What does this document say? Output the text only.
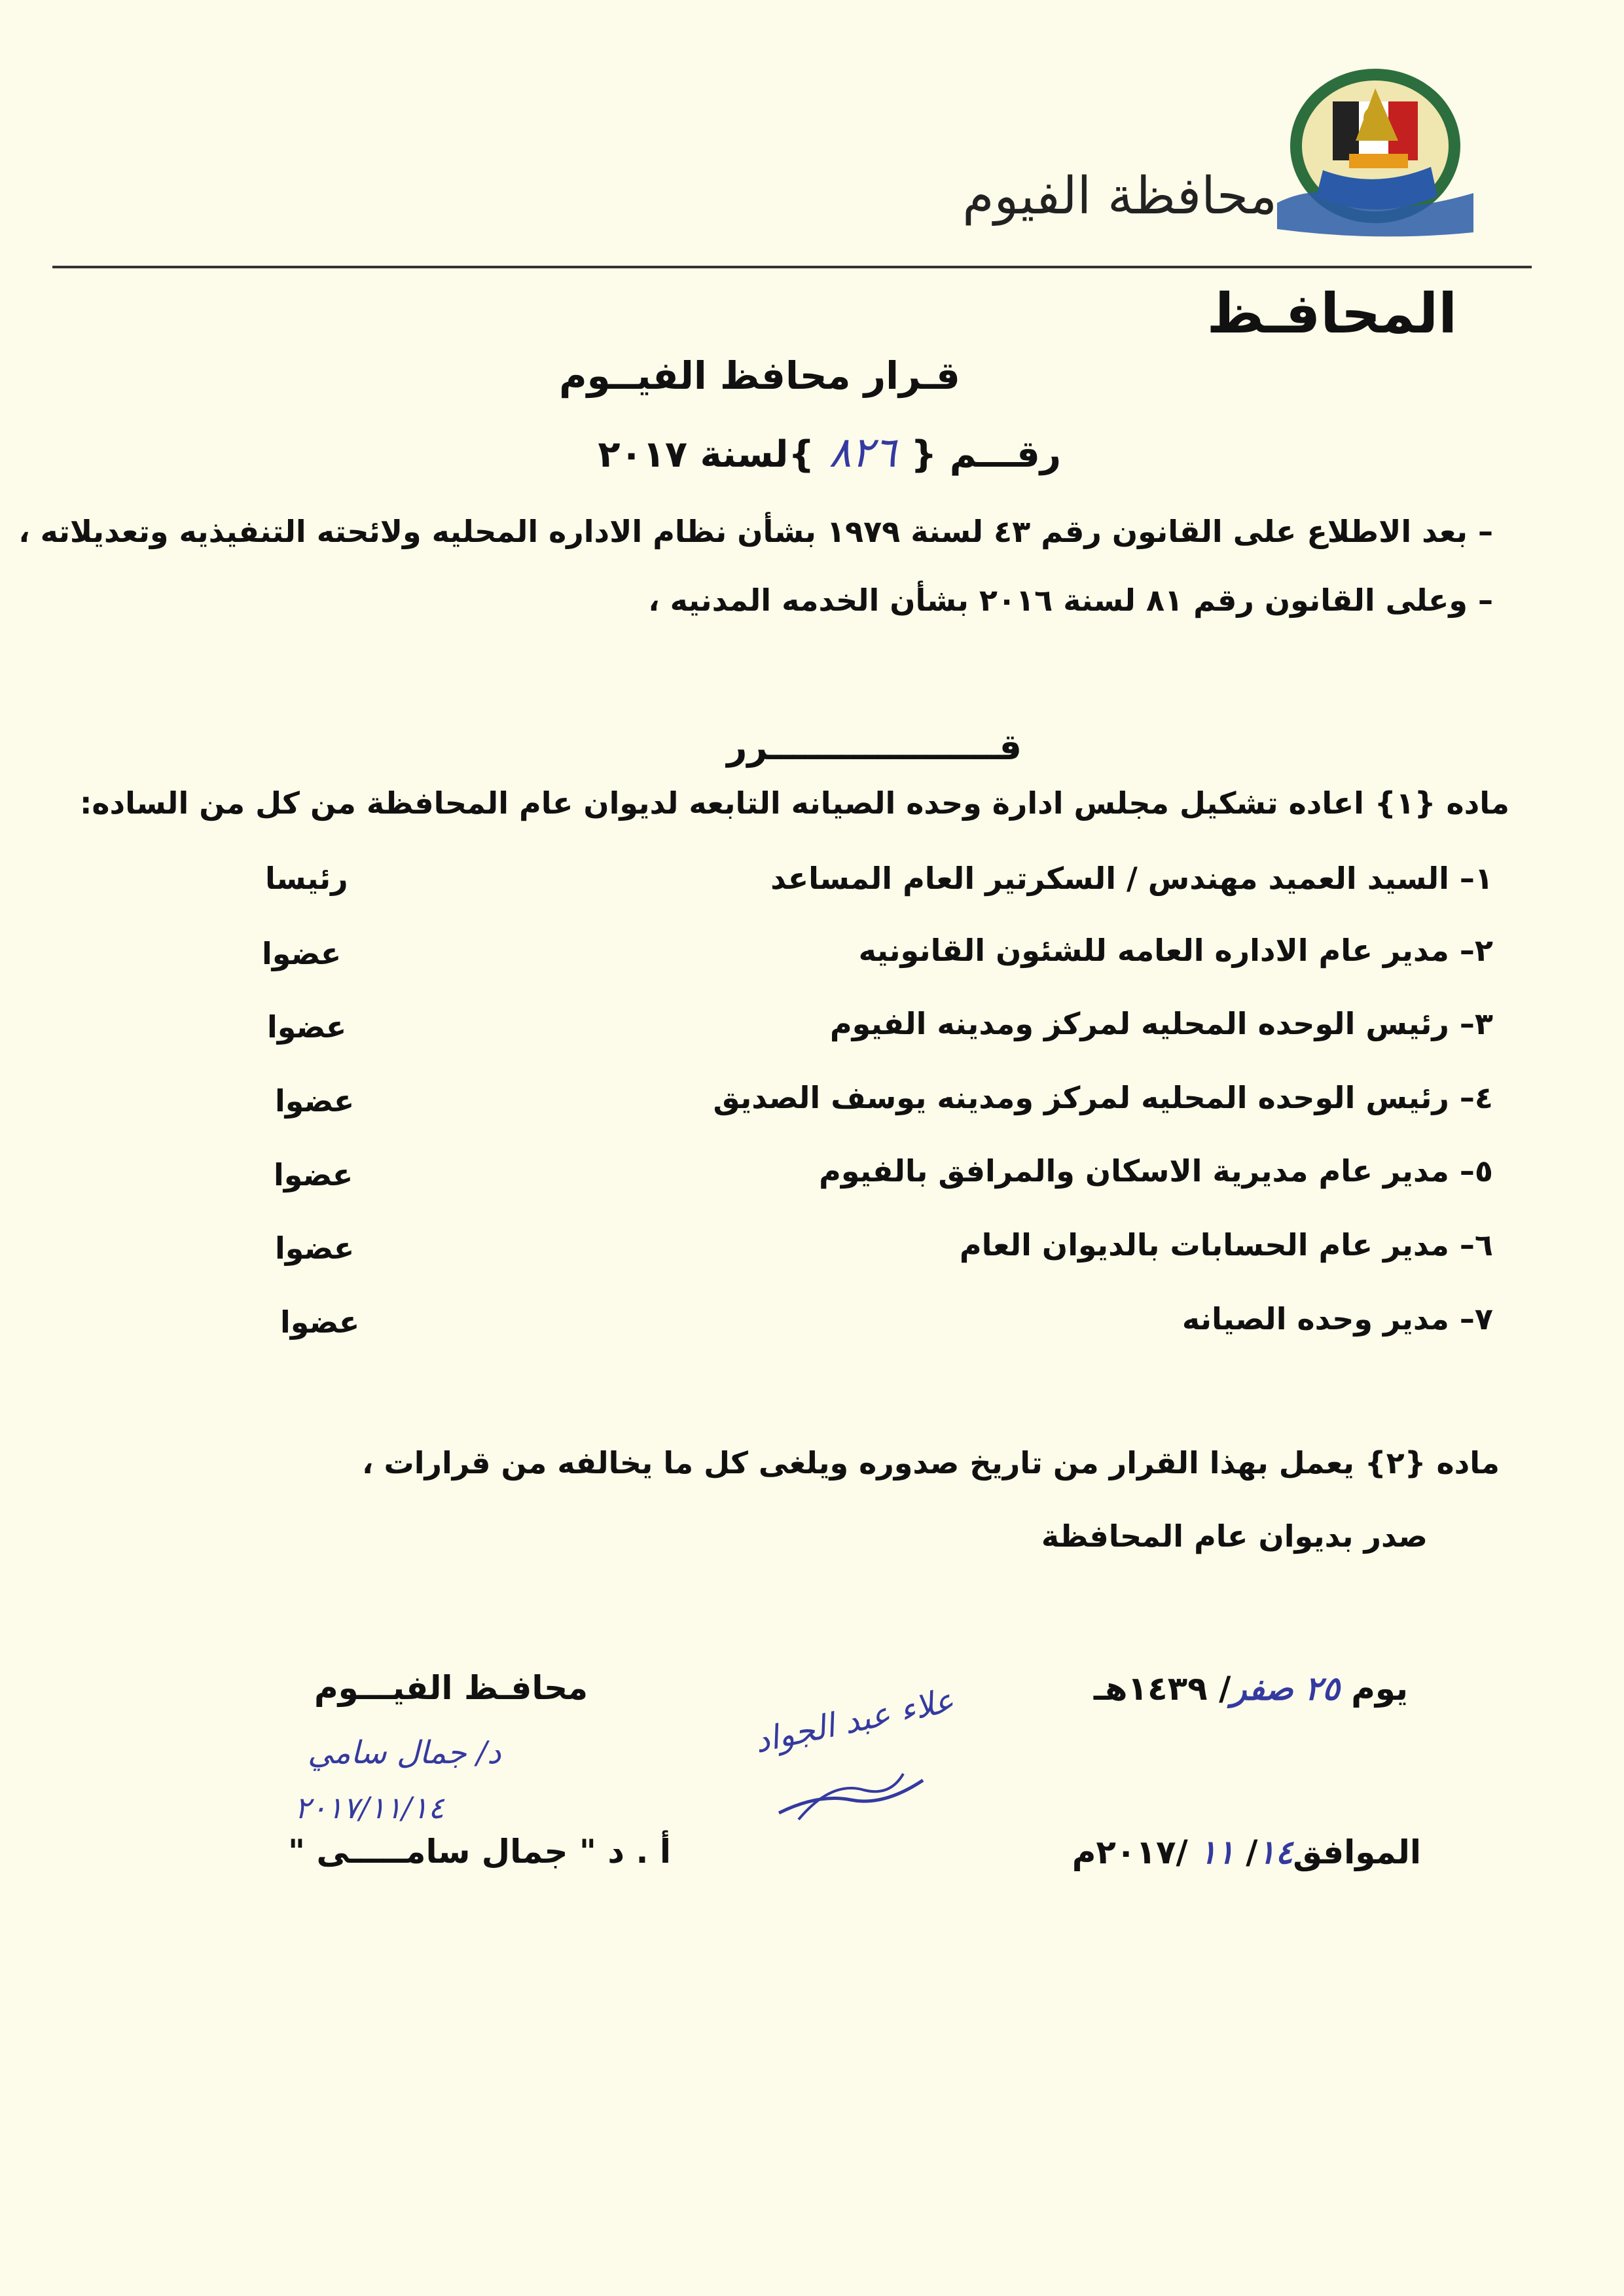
محافظة الفيوم
المحافـظ
قـرار محافظ الفيــوم
رقـــم {٨٢٦}لسنة ٢٠١٧
– بعد الاطلاع على القانون رقم ٤٣ لسنة ١٩٧٩ بشأن نظام الاداره المحليه ولائحته التنفيذيه وتعديلاته ،
– وعلى القانون رقم ٨١ لسنة ٢٠١٦ بشأن الخدمه المدنيه ،
قـــــــــــــــــــرر
ماده {١} اعاده تشكيل مجلس ادارة وحده الصيانه التابعه لديوان عام المحافظة من كل من الساده:
١– السيد العميد مهندس / السكرتير العام المساعد
رئيسا
٢– مدير عام الاداره العامه للشئون القانونيه
عضوا
٣– رئيس الوحده المحليه لمركز ومدينه الفيوم
عضوا
٤– رئيس الوحده المحليه لمركز ومدينه يوسف الصديق
عضوا
٥– مدير عام مديرية الاسكان والمرافق بالفيوم
عضوا
٦– مدير عام الحسابات بالديوان العام
عضوا
٧– مدير وحده الصيانه
عضوا
ماده {٢} يعمل بهذا القرار من تاريخ صدوره ويلغى كل ما يخالفه من قرارات ،
صدر بديوان عام المحافظة
يوم ٢٥ صفر/ ١٤٣٩هـ
الموافق١٤/ ١١ /٢٠١٧م
محافـظ الفيـــوم
د/ جمال سامي
٢٠١٧/١١/١٤
أ . د " جمال سامـــــى "
علاء عبد الجواد
